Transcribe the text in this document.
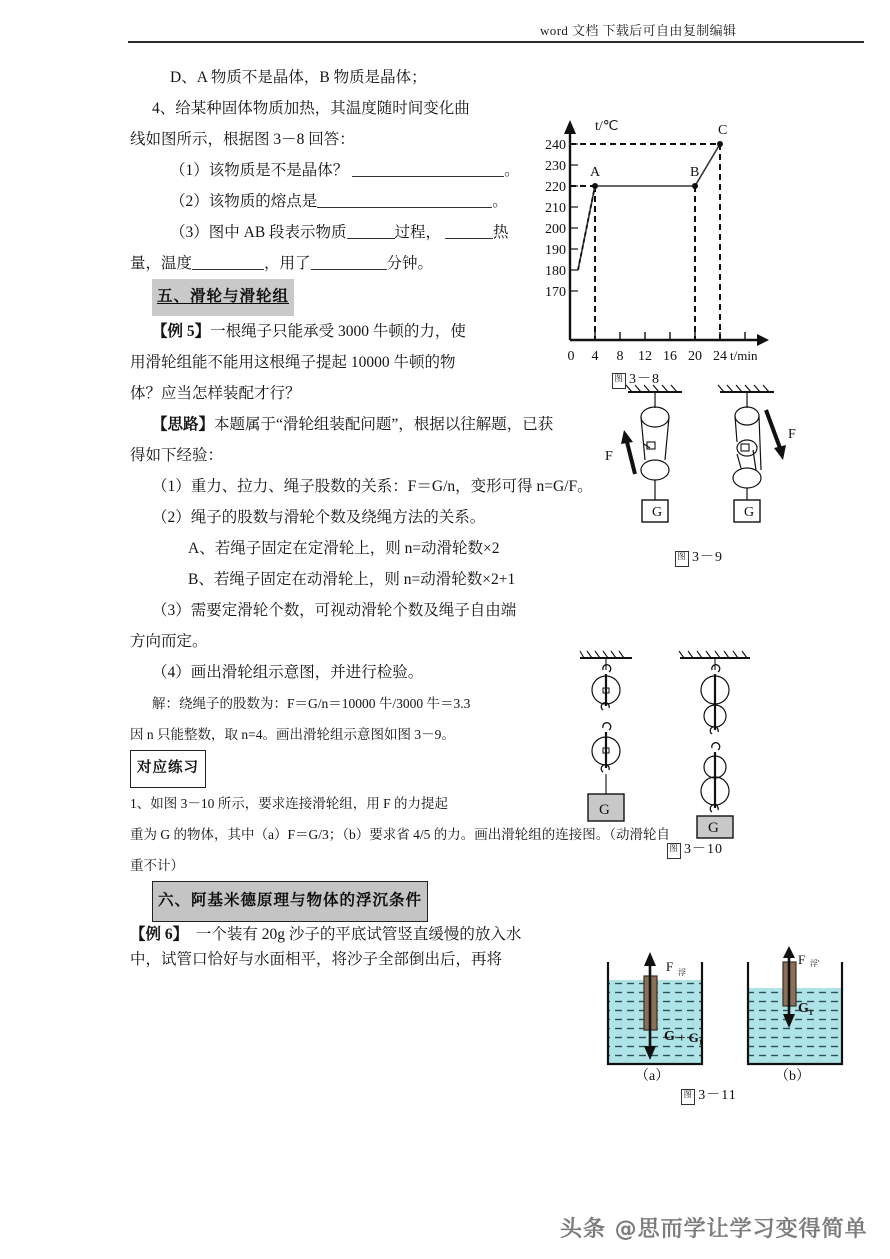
word 文档 下载后可自由复制编辑
D、A 物质不是晶体，B 物质是晶体；
4、给某种固体物质加热，其温度随时间变化曲
线如图所示，根据图 3－8 回答：
（1）该物质是不是晶体？	。
（2）该物质的熔点是	。
（3）图中 AB 段表示物质	过程，	热
量，温度	，用了	分钟。
五、滑轮与滑轮组
【例 5】一根绳子只能承受 3000 牛顿的力，使
用滑轮组能不能用这根绳子提起 10000 牛顿的物
体？应当怎样装配才行？
【思路】本题属于“滑轮组装配问题”，根据以往解题，已获
得如下经验：
（1）重力、拉力、绳子股数的关系：F＝G/n，变形可得 n=G/F。
（2）绳子的股数与滑轮个数及绕绳方法的关系。
A、若绳子固定在定滑轮上，则 n=动滑轮数×2
B、若绳子固定在动滑轮上，则 n=动滑轮数×2+1
（3）需要定滑轮个数，可视动滑轮个数及绳子自由端
方向而定。
（4）画出滑轮组示意图，并进行检验。
解：绕绳子的股数为：F＝G/n＝10000 牛/3000 牛＝3.3
因 n 只能整数，取 n=4。画出滑轮组示意图如图 3－9。
对应练习
1、如图 3－10 所示，要求连接滑轮组，用 F 的力提起
重为 G 的物体，其中（a）F＝G/3；（b）要求省 4/5 的力。画出滑轮组的连接图。（动滑轮自
重不计）
六、阿基米德原理与物体的浮沉条件
【例 6】 一个装有 20g 沙子的平底试管竖直缓慢的放入水
中，试管口恰好与水面相平，将沙子全部倒出后，再将
A	B
C
t/℃
t/min
240
230
220
210
200
190
180
170
0 4 8 12 16 20 24
图 3－8
G
F
G
F
图 3－9
G
G
图 3－10
F 浮
G + G₁
（a）
F 浮'
G₁
（b）
图 3－11
头条 @思而学让学习变得简单
